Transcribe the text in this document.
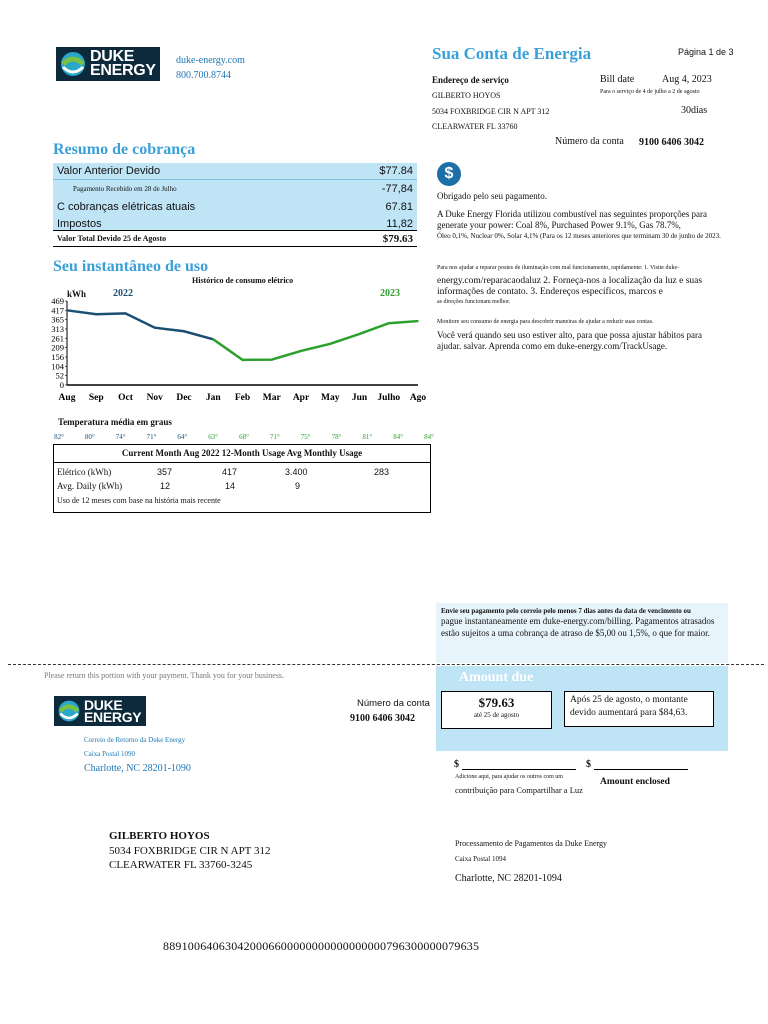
DUKE ENERGY
duke-energy.com
800.700.8744
Sua Conta de Energia	Página 1 de 3
Endereço de serviço
GILBERTO HOYOS
5034 FOXBRIDGE CIR N APT 312
CLEARWATER FL 33760
Bill date	Aug 4, 2023
Para o serviço de 4 de julho a 2 de agosto
30dias
Número da conta 9100 6406 3042
Resumo de cobrança
Valor Anterior Devido	$77.84
Pagamento Recebido em 28 de Julho	-77,84
C cobranças elétricas atuais	67.81
Impostos	11,82
Valor Total Devido 25 de Agosto	$79.63
$
Obrigado pelo seu pagamento.
A Duke Energy Florida utilizou combustível nas seguintes proporções para generate your power: Coal 8%, Purchased Power 9.1%, Gas 78.7%,
Óleo 0,1%, Nuclear 0%, Solar 4,1% (Para os 12 meses anteriores que terminam 30 de junho de 2023.
Para nos ajudar a reparar postes de iluminação com mal funcionamento, rapidamente: 1. Visite duke-
energy.com/reparacaodaluz 2. Forneça-nos a localização da luz e suas informações de contato. 3. Endereços específicos, marcos e
as direções funcionam melhor.
Monitore seu consumo de energia para descobrir maneiras de ajudar a reduzir suas contas.
Você verá quando seu uso estiver alto, para que possa ajustar hábitos para ajudar. salvar. Aprenda como em duke-energy.com/TrackUsage.
Seu instantâneo de uso
Histórico de consumo elétrico
kWh	2022	2023
469
417
365
313
261
209
156
104
52
0
Aug Sep Oct Nov Dec Jan Feb Mar Apr May Jun Julho Ago
Temperatura média em graus
82°	80°	74°	71°	64°	63°	68°	71°	75°	78°	81°	84°	84°
Current Month Aug 2022 12-Month Usage Avg Monthly Usage
Elétrico (kWh)	357	417	3.400	283
Avg. Daily (kWh)	12	14	9
Uso de 12 meses com base na história mais recente
Envie seu pagamento pelo correio pelo menos 7 dias antes da data de vencimento ou
pague instantaneamente em duke-energy.com/billing. Pagamentos atrasados estão sujeitos a uma cobrança de atraso de $5,00 ou 1,5%, o que for maior.
Please return this portion with your payment. Thank you for your business.
DUKE ENERGY
Número da conta
9100 6406 3042
Amount due
$79.63
até 25 de agosto
Após 25 de agosto, o montante devido aumentará para $84,63.
Correio de Retorno da Duke Energy
Caixa Postal 1090
Charlotte, NC 28201-1090	$	$
Adicione aqui, para ajudar os outros com um
contribuição para Compartilhar a Luz
Amount enclosed
GILBERTO HOYOS
5034 FOXBRIDGE CIR N APT 312
CLEARWATER FL 33760-3245
Processamento de Pagamentos da Duke Energy
Caixa Postal 1094
Charlotte, NC 28201-1094
889100640630420006600000000000000000796300000079635
